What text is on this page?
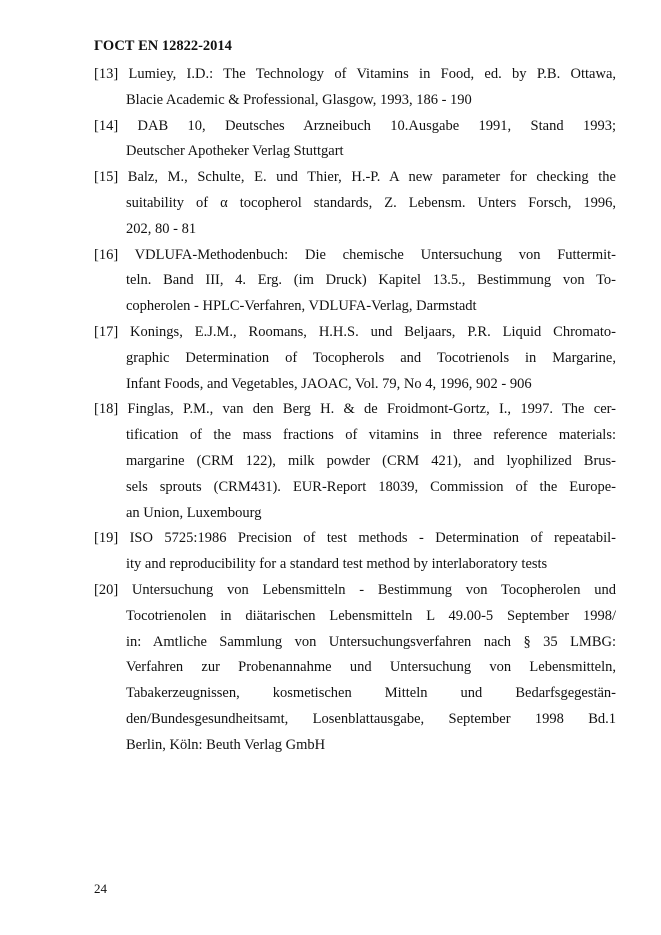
ГОСТ EN 12822-2014
[13] Lumiey, I.D.: The Technology of Vitamins in Food, ed. by P.B. Ottawa,
Blacie Academic & Professional, Glasgow, 1993, 186 - 190
[14] DAB 10, Deutsches Arzneibuch 10.Ausgabe 1991, Stand 1993;
Deutscher Apotheker Verlag Stuttgart
[15] Balz, M., Schulte, E. und Thier, H.-P. A new parameter for checking the
suitability of α tocopherol standards, Z. Lebensm. Unters Forsch, 1996,
202, 80 - 81
[16] VDLUFA-Methodenbuch: Die chemische Untersuchung von Futtermit-
teln. Band III, 4. Erg. (im Druck) Kapitel 13.5., Bestimmung von To-
copherolen - HPLC-Verfahren, VDLUFA-Verlag, Darmstadt
[17] Konings, E.J.M., Roomans, H.H.S. und Beljaars, P.R. Liquid Chromato-
graphic Determination of Tocopherols and Tocotrienols in Margarine,
Infant Foods, and Vegetables, JAOAC, Vol. 79, No 4, 1996, 902 - 906
[18] Finglas, P.M., van den Berg H. & de Froidmont-Gortz, I., 1997. The cer-
tification of the mass fractions of vitamins in three reference materials:
margarine (CRM 122), milk powder (CRM 421), and lyophilized Brus-
sels sprouts (CRM431). EUR-Report 18039, Commission of the Europe-
an Union, Luxembourg
[19] ISO 5725:1986 Precision of test methods - Determination of repeatabil-
ity and reproducibility for a standard test method by interlaboratory tests
[20] Untersuchung von Lebensmitteln - Bestimmung von Tocopherolen und
Tocotrienolen in diätarischen Lebensmitteln L 49.00-5 September 1998/
in: Amtliche Sammlung von Untersuchungsverfahren nach § 35 LMBG:
Verfahren zur Probenannahme und Untersuchung von Lebensmitteln,
Tabakerzeugnissen, kosmetischen Mitteln und Bedarfsgegestän-
den/Bundesgesundheitsamt, Losenblattausgabe, September 1998 Bd.1
Berlin, Köln: Beuth Verlag GmbH
24
